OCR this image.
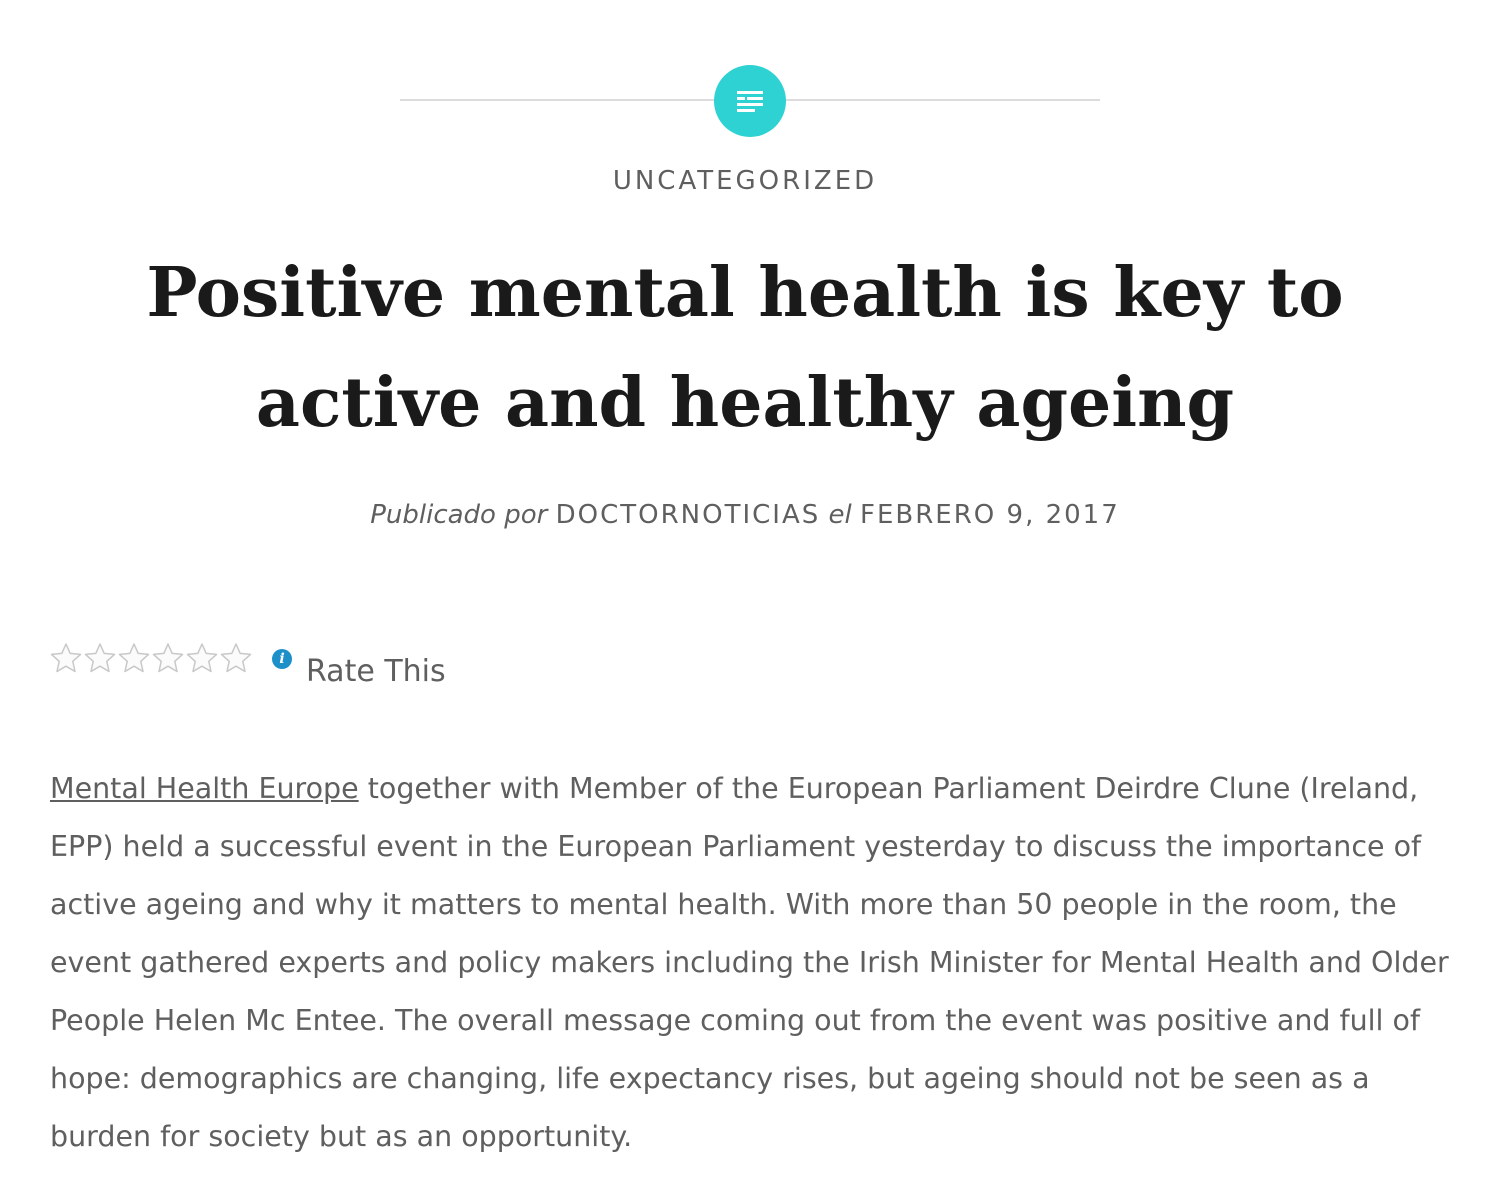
UNCATEGORIZED
Positive mental health is key to active and healthy ageing
Publicado por DOCTORNOTICIAS el FEBRERO 9, 2017
i Rate This

Mental Health Europe together with Member of the European Parliament Deirdre Clune (Ireland, EPP) held a successful event in the European Parliament yesterday to discuss the importance of active ageing and why it matters to mental health. With more than 50 people in the room, the event gathered experts and policy makers including the Irish Minister for Mental Health and Older People Helen Mc Entee. The overall message coming out from the event was positive and full of hope: demographics are changing, life expectancy rises, but ageing should not be seen as a burden for society but as an opportunity.
